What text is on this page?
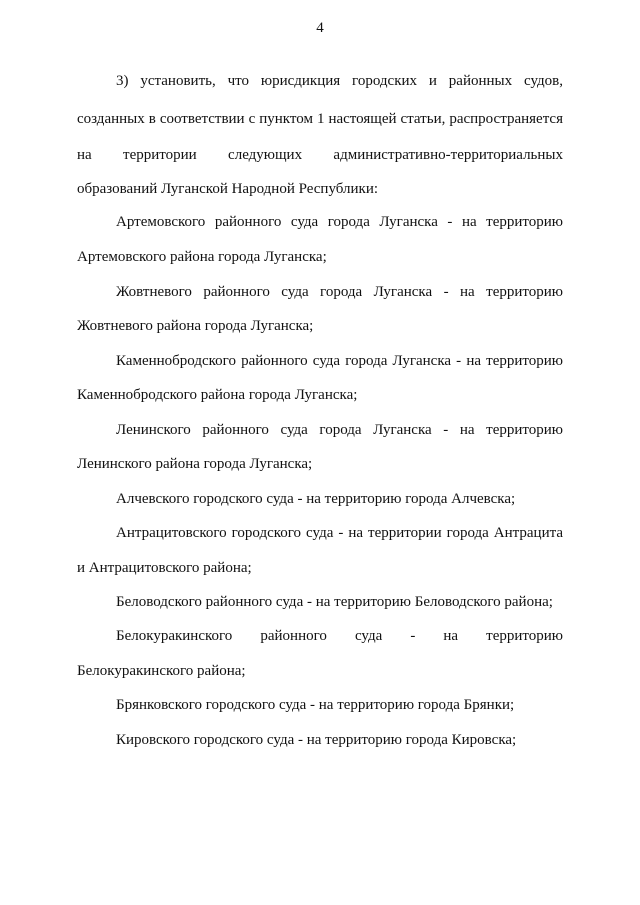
4
3) установить, что юрисдикция городских и районных судов,
созданных в соответствии с пунктом 1 настоящей статьи, распространяется
на территории следующих административно-территориальных
образований Луганской Народной Республики:
Артемовского районного суда города Луганска - на территорию
Артемовского района города Луганска;
Жовтневого районного суда города Луганска - на территорию
Жовтневого района города Луганска;
Каменнобродского районного суда города Луганска - на территорию
Каменнобродского района города Луганска;
Ленинского районного суда города Луганска - на территорию
Ленинского района города Луганска;
Алчевского городского суда - на территорию города Алчевска;
Антрацитовского городского суда - на территории города Антрацита
и Антрацитовского района;
Беловодского районного суда - на территорию Беловодского района;
Белокуракинского районного суда - на территорию
Белокуракинского района;
Брянковского городского суда - на территорию города Брянки;
Кировского городского суда - на территорию города Кировска;
